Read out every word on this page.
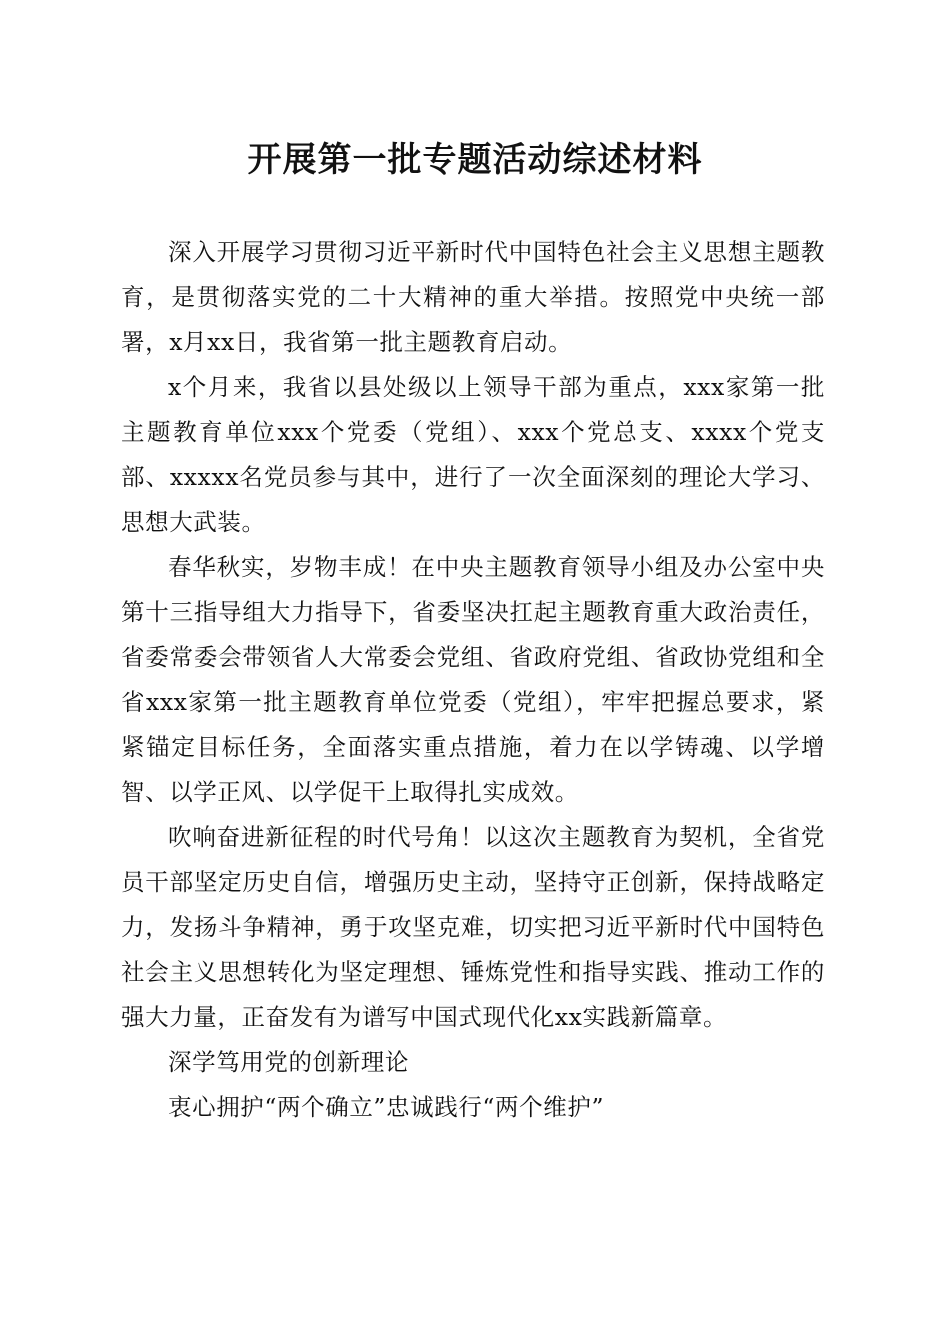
开展第一批专题活动综述材料

深入开展学习贯彻习近平新时代中国特色社会主义思想主题教育，是贯彻落实党的二十大精神的重大举措。按照党中央统一部署，x月xx日，我省第一批主题教育启动。

x个月来，我省以县处级以上领导干部为重点，xxx家第一批主题教育单位xxx个党委（党组）、xxx个党总支、xxxx个党支部、xxxxx名党员参与其中，进行了一次全面深刻的理论大学习、思想大武装。

春华秋实，岁物丰成！在中央主题教育领导小组及办公室中央第十三指导组大力指导下，省委坚决扛起主题教育重大政治责任，省委常委会带领省人大常委会党组、省政府党组、省政协党组和全省xxx家第一批主题教育单位党委（党组），牢牢把握总要求，紧紧锚定目标任务，全面落实重点措施，着力在以学铸魂、以学增智、以学正风、以学促干上取得扎实成效。

吹响奋进新征程的时代号角！以这次主题教育为契机，全省党员干部坚定历史自信，增强历史主动，坚持守正创新，保持战略定力，发扬斗争精神，勇于攻坚克难，切实把习近平新时代中国特色社会主义思想转化为坚定理想、锤炼党性和指导实践、推动工作的强大力量，正奋发有为谱写中国式现代化xx实践新篇章。

深学笃用党的创新理论

衷心拥护“两个确立”忠诚践行“两个维护”
